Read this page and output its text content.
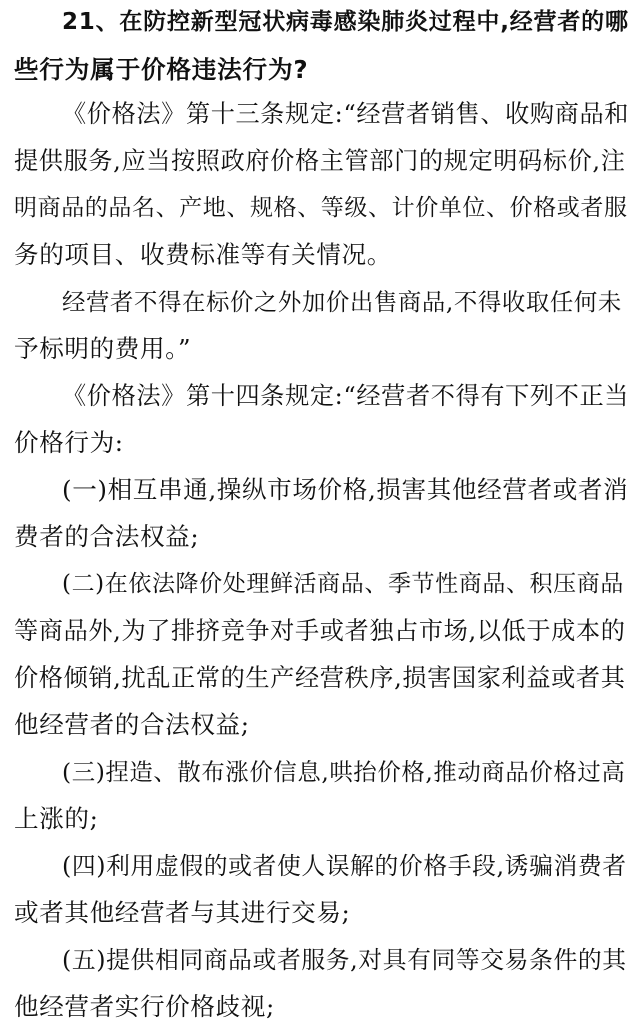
21、在防控新型冠状病毒感染肺炎过程中,经营者的哪
些行为属于价格违法行为?
《价格法》第十三条规定:“经营者销售、收购商品和
提供服务,应当按照政府价格主管部门的规定明码标价,注
明商品的品名、产地、规格、等级、计价单位、价格或者服
务的项目、收费标准等有关情况。
经营者不得在标价之外加价出售商品,不得收取任何未
予标明的费用。”
《价格法》第十四条规定:“经营者不得有下列不正当
价格行为:
(一)相互串通,操纵市场价格,损害其他经营者或者消
费者的合法权益;
(二)在依法降价处理鲜活商品、季节性商品、积压商品
等商品外,为了排挤竞争对手或者独占市场,以低于成本的
价格倾销,扰乱正常的生产经营秩序,损害国家利益或者其
他经营者的合法权益;
(三)捏造、散布涨价信息,哄抬价格,推动商品价格过高
上涨的;
(四)利用虚假的或者使人误解的价格手段,诱骗消费者
或者其他经营者与其进行交易;
(五)提供相同商品或者服务,对具有同等交易条件的其
他经营者实行价格歧视;
